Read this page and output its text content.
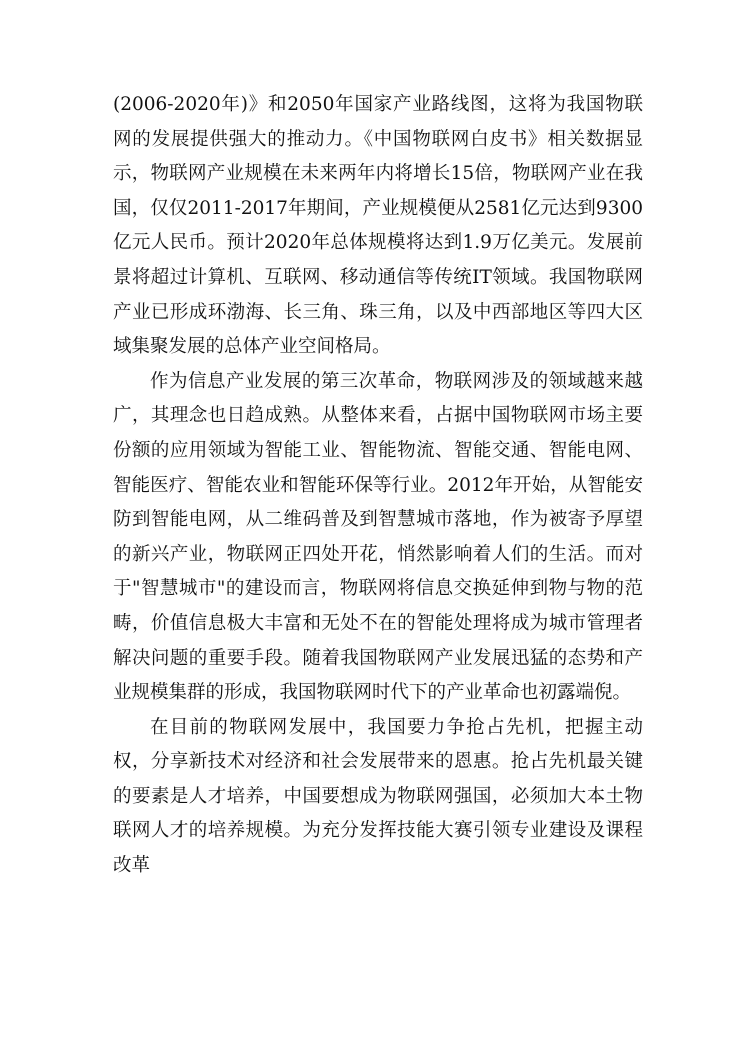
(2006-2020年)》和2050年国家产业路线图，这将为我国物联网的发展提供强大的推动力。《中国物联网白皮书》相关数据显示，物联网产业规模在未来两年内将增长15倍，物联网产业在我国，仅仅2011-2017年期间，产业规模便从2581亿元达到9300亿元人民币。预计2020年总体规模将达到1.9万亿美元。发展前景将超过计算机、互联网、移动通信等传统IT领域。我国物联网产业已形成环渤海、长三角、珠三角，以及中西部地区等四大区域集聚发展的总体产业空间格局。

作为信息产业发展的第三次革命，物联网涉及的领域越来越广，其理念也日趋成熟。从整体来看，占据中国物联网市场主要份额的应用领域为智能工业、智能物流、智能交通、智能电网、智能医疗、智能农业和智能环保等行业。2012年开始，从智能安防到智能电网，从二维码普及到智慧城市落地，作为被寄予厚望的新兴产业，物联网正四处开花，悄然影响着人们的生活。而对于"智慧城市"的建设而言，物联网将信息交换延伸到物与物的范畴，价值信息极大丰富和无处不在的智能处理将成为城市管理者解决问题的重要手段。随着我国物联网产业发展迅猛的态势和产业规模集群的形成，我国物联网时代下的产业革命也初露端倪。

在目前的物联网发展中，我国要力争抢占先机，把握主动权，分享新技术对经济和社会发展带来的恩惠。抢占先机最关键的要素是人才培养，中国要想成为物联网强国，必须加大本土物联网人才的培养规模。为充分发挥技能大赛引领专业建设及课程改革
